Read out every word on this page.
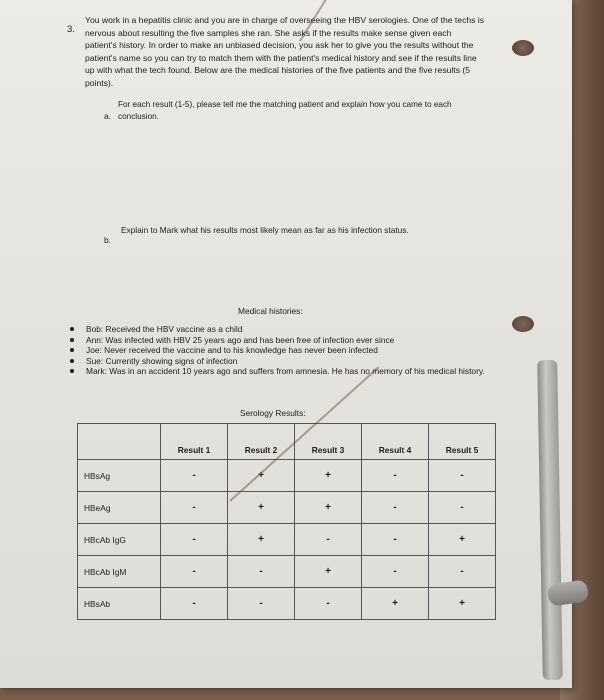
3.
You work in a hepatitis clinic and you are in charge of overseeing the HBV serologies. One of the techs is nervous about resulting the five samples she ran. She asks if the results make sense given each patient's history. In order to make an unbiased decision, you ask her to give you the results without the patient's name so you can try to match them with the patient's medical history and see if the results line up with what the tech found. Below are the medical histories of the five patients and the five results (5 points).
a.
For each result (1-5), please tell me the matching patient and explain how you came to each conclusion.
b.
Explain to Mark what his results most likely mean as far as his infection status.
Medical histories:
Bob: Received the HBV vaccine as a child
Ann: Was infected with HBV 25 years ago and has been free of infection ever since
Joe: Never received the vaccine and to his knowledge has never been infected
Sue: Currently showing signs of infection
Mark: Was in an accident 10 years ago and suffers from amnesia. He has no memory of his medical history.
Serology Results:
	Result 1	Result 2	Result 3	Result 4	Result 5
HBsAg	-	+	+	-	-
HBeAg	-	+	+	-	-
HBcAb IgG	-	+	-	-	+
HBcAb IgM	-	-	+	-	-
HBsAb	-	-	-	+	+
